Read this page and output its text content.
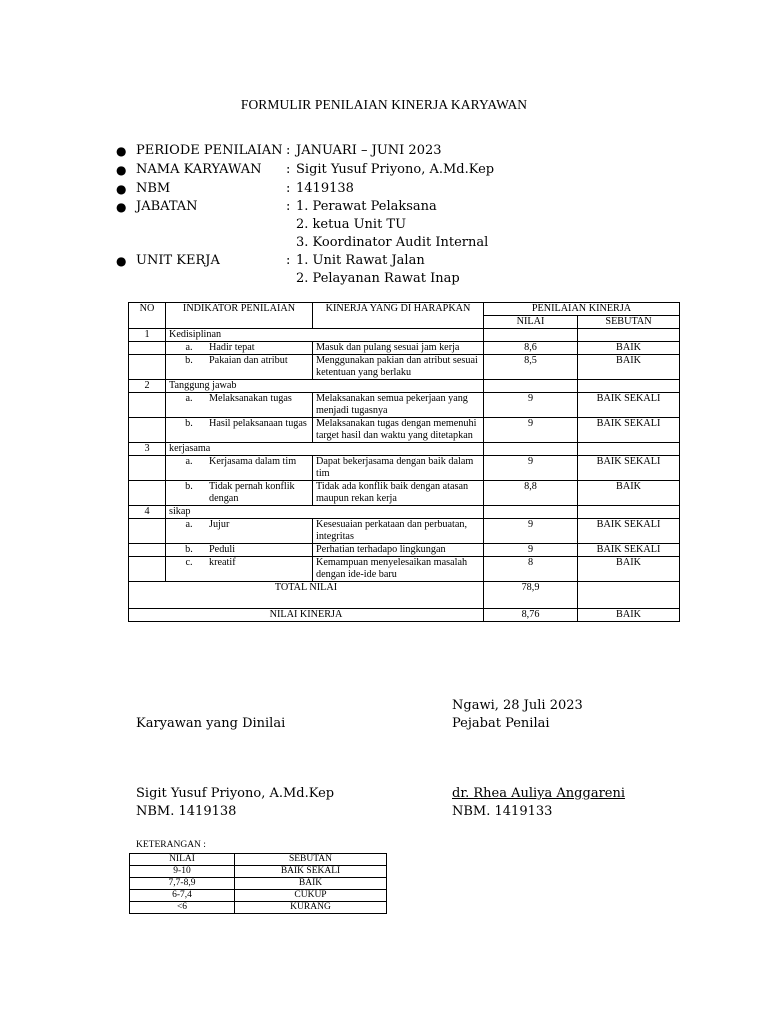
FORMULIR PENILAIAN KINERJA KARYAWAN
● PERIODE PENILAIAN : JANUARI – JUNI 2023
● NAMA KARYAWAN : Sigit Yusuf Priyono, A.Md.Kep
● NBM	: 1419138
● JABATAN	: 1. Perawat Pelaksana
2. ketua Unit TU
3. Koordinator Audit Internal
● UNIT KERJA	: 1. Unit Rawat Jalan
2. Pelayanan Rawat Inap
NO	INDIKATOR PENILAIAN	KINERJA YANG DI HARAPKAN	PENILAIAN KINERJA	
			NILAI	SEBUTAN
1	Kedisiplinan			

	a. Hadir tepat	Masuk dan pulang sesuai jam kerja	8,6	BAIK

	b. Pakaian dan atribut	Menggunakan pakian dan atribut sesuai ketentuan yang berlaku	8,5	BAIK
2	Tanggung jawab			

	a. Melaksanakan tugas	Melaksanakan semua pekerjaan yang menjadi tugasnya	9	BAIK SEKALI

	b. Hasil pelaksanaan tugas	Melaksanakan tugas dengan memenuhi target hasil dan waktu yang ditetapkan	9	BAIK SEKALI
3	kerjasama			

	a. Kerjasama dalam tim	Dapat bekerjasama dengan baik dalam tim	9	BAIK SEKALI

	b. Tidak pernah konflik dengan	Tidak ada konflik baik dengan atasan maupun rekan kerja	8,8	BAIK
4	sikap			

	a. Jujur	Kesesuaian perkataan dan perbuatan, integritas	9	BAIK SEKALI

	b. Peduli	Perhatian terhadapo lingkungan	9	BAIK SEKALI

	c. kreatif	Kemampuan menyelesaikan masalah dengan ide-ide baru	8	BAIK
TOTAL NILAI			78,9	
NILAI KINERJA			8,76	BAIK
Ngawi, 28 Juli 2023
Karyawan yang Dinilai	Pejabat Penilai
Sigit Yusuf Priyono, A.Md.Kep	dr. Rhea Auliya Anggareni
NBM. 1419138	NBM. 1419133
KETERANGAN :
NILAI	SEBUTAN
9-10	BAIK SEKALI
7,7-8,9	BAIK
6-7,4	CUKUP
<6	KURANG
